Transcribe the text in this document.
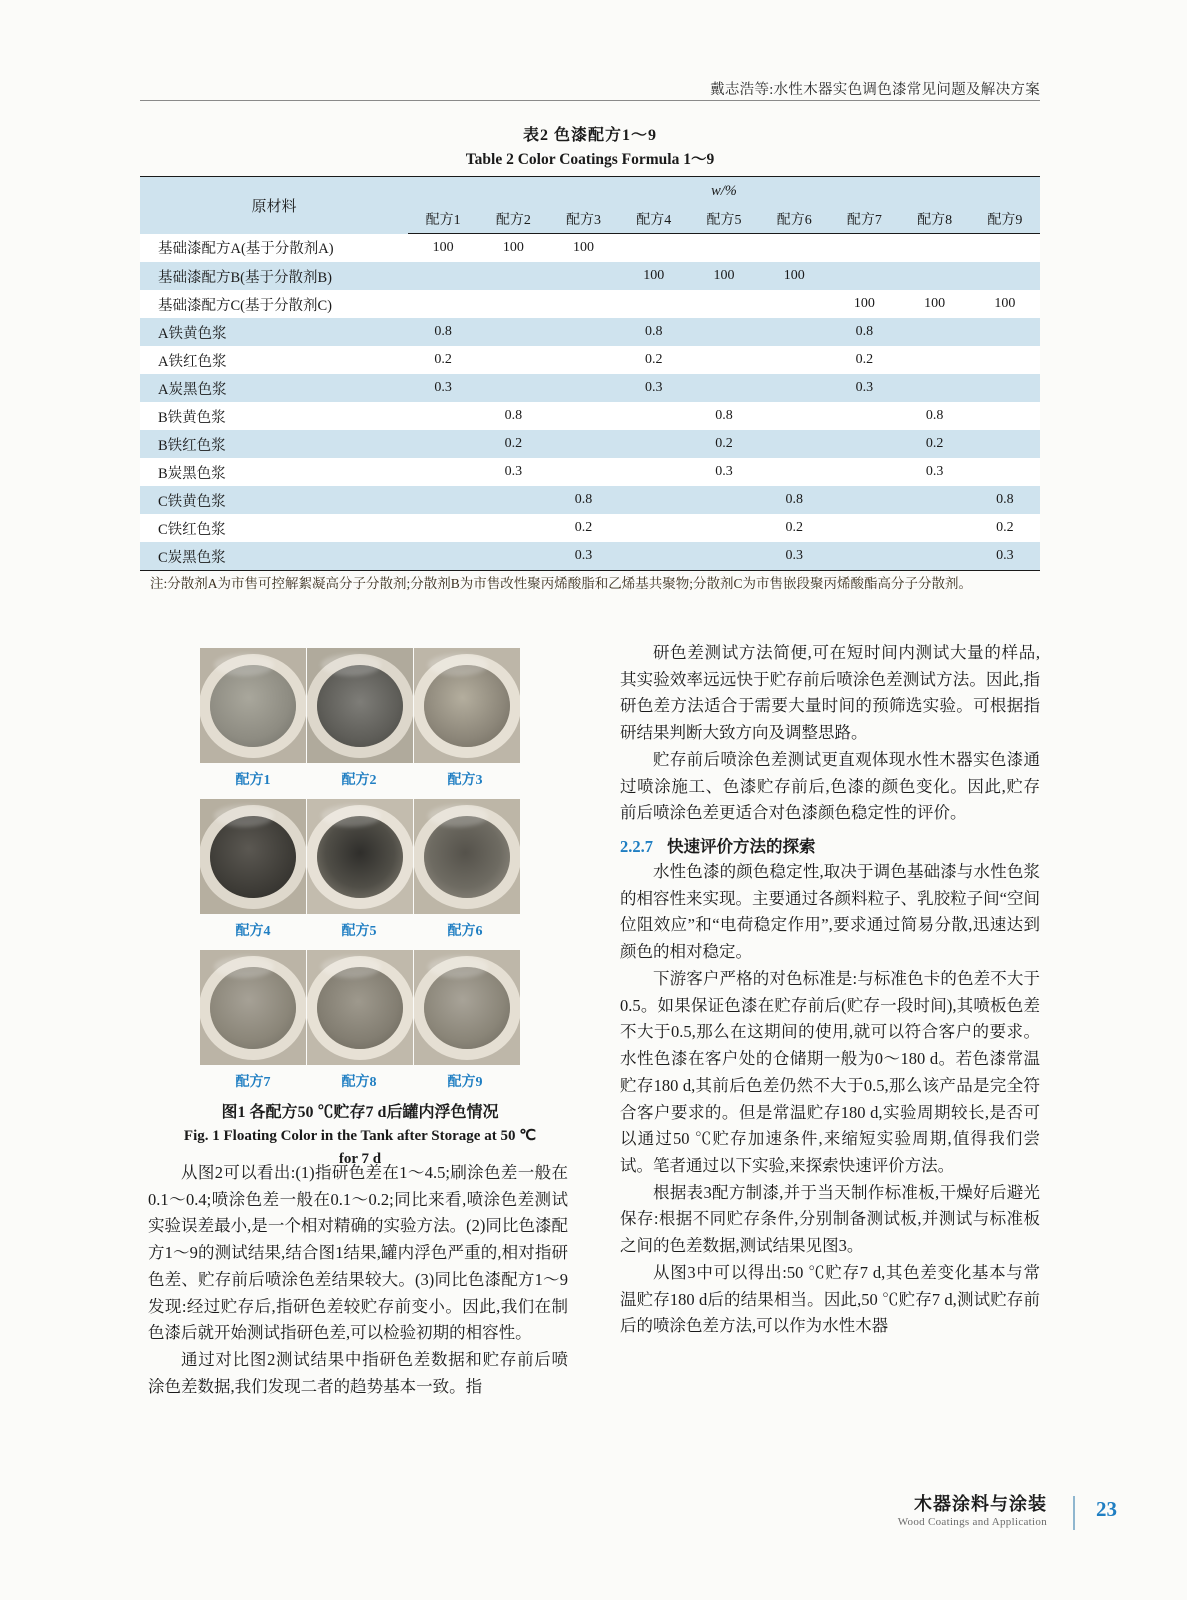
戴志浩等:水性木器实色调色漆常见问题及解决方案
表2 色漆配方1～9
Table 2 Color Coatings Formula 1～9
原材料	w/%								
	配方1	配方2	配方3	配方4	配方5	配方6	配方7	配方8	配方9
基础漆配方A(基于分散剂A)	100	100	100						
基础漆配方B(基于分散剂B)				100	100	100			
基础漆配方C(基于分散剂C)							100	100	100
A铁黄色浆	0.8			0.8			0.8		
A铁红色浆	0.2			0.2			0.2		
A炭黑色浆	0.3			0.3			0.3		
B铁黄色浆		0.8			0.8			0.8	
B铁红色浆		0.2			0.2			0.2	
B炭黑色浆		0.3			0.3			0.3	
C铁黄色浆			0.8			0.8			0.8
C铁红色浆			0.2			0.2			0.2
C炭黑色浆			0.3			0.3			0.3
注:分散剂A为市售可控解絮凝高分子分散剂;分散剂B为市售改性聚丙烯酸脂和乙烯基共聚物;分散剂C为市售嵌段聚丙烯酸酯高分子分散剂。
配方1	配方2	配方3
配方4	配方5	配方6
配方7	配方8	配方9
图1 各配方50 ℃贮存7 d后罐内浮色情况
Fig. 1 Floating Color in the Tank after Storage at 50 ℃
for 7 d

从图2可以看出:(1)指研色差在1～4.5;刷涂色差一般在0.1～0.4;喷涂色差一般在0.1～0.2;同比来看,喷涂色差测试实验误差最小,是一个相对精确的实验方法。(2)同比色漆配方1～9的测试结果,结合图1结果,罐内浮色严重的,相对指研色差、贮存前后喷涂色差结果较大。(3)同比色漆配方1～9发现:经过贮存后,指研色差较贮存前变小。因此,我们在制色漆后就开始测试指研色差,可以检验初期的相容性。

通过对比图2测试结果中指研色差数据和贮存前后喷涂色差数据,我们发现二者的趋势基本一致。指

研色差测试方法简便,可在短时间内测试大量的样品,其实验效率远远快于贮存前后喷涂色差测试方法。因此,指研色差方法适合于需要大量时间的预筛选实验。可根据指研结果判断大致方向及调整思路。

贮存前后喷涂色差测试更直观体现水性木器实色漆通过喷涂施工、色漆贮存前后,色漆的颜色变化。因此,贮存前后喷涂色差更适合对色漆颜色稳定性的评价。

2.2.7 快速评价方法的探索

水性色漆的颜色稳定性,取决于调色基础漆与水性色浆的相容性来实现。主要通过各颜料粒子、乳胶粒子间“空间位阻效应”和“电荷稳定作用”,要求通过简易分散,迅速达到颜色的相对稳定。

下游客户严格的对色标准是:与标准色卡的色差不大于0.5。如果保证色漆在贮存前后(贮存一段时间),其喷板色差不大于0.5,那么在这期间的使用,就可以符合客户的要求。水性色漆在客户处的仓储期一般为0～180 d。若色漆常温贮存180 d,其前后色差仍然不大于0.5,那么该产品是完全符合客户要求的。但是常温贮存180 d,实验周期较长,是否可以通过50 ℃贮存加速条件,来缩短实验周期,值得我们尝试。笔者通过以下实验,来探索快速评价方法。

根据表3配方制漆,并于当天制作标准板,干燥好后避光保存:根据不同贮存条件,分别制备测试板,并测试与标准板之间的色差数据,测试结果见图3。

从图3中可以得出:50 ℃贮存7 d,其色差变化基本与常温贮存180 d后的结果相当。因此,50 ℃贮存7 d,测试贮存前后的喷涂色差方法,可以作为水性木器

木器涂料与涂装
Wood Coatings and Application
23
